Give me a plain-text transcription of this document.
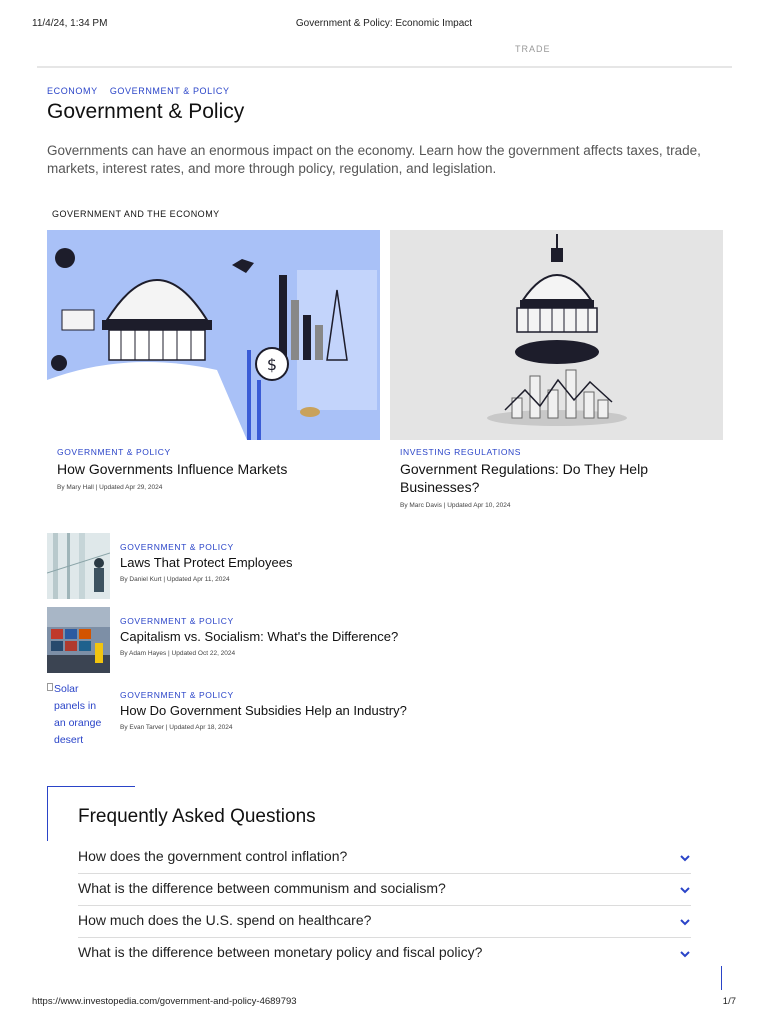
11/4/24, 1:34 PM	Government & Policy: Economic Impact
TRADE
ECONOMY GOVERNMENT & POLICY
Government & Policy

Governments can have an enormous impact on the economy. Learn how the government affects taxes, trade, markets, interest rates, and more through policy, regulation, and legislation.

GOVERNMENT AND THE ECONOMY
$
GOVERNMENT & POLICY
How Governments Influence Markets
By Mary Hall | Updated Apr 29, 2024
INVESTING REGULATIONS
Government Regulations: Do They Help Businesses?
By Marc Davis | Updated Apr 10, 2024
GOVERNMENT & POLICY
Laws That Protect Employees
By Daniel Kurt | Updated Apr 11, 2024
GOVERNMENT & POLICY
Capitalism vs. Socialism: What's the Difference?
By Adam Hayes | Updated Oct 22, 2024
Solar panels in an orange desert
GOVERNMENT & POLICY
How Do Government Subsidies Help an Industry?
By Evan Tarver | Updated Apr 18, 2024
Frequently Asked Questions
How does the government control inflation?
What is the difference between communism and socialism?
How much does the U.S. spend on healthcare?
What is the difference between monetary policy and fiscal policy?
https://www.investopedia.com/government-and-policy-4689793	1/7
